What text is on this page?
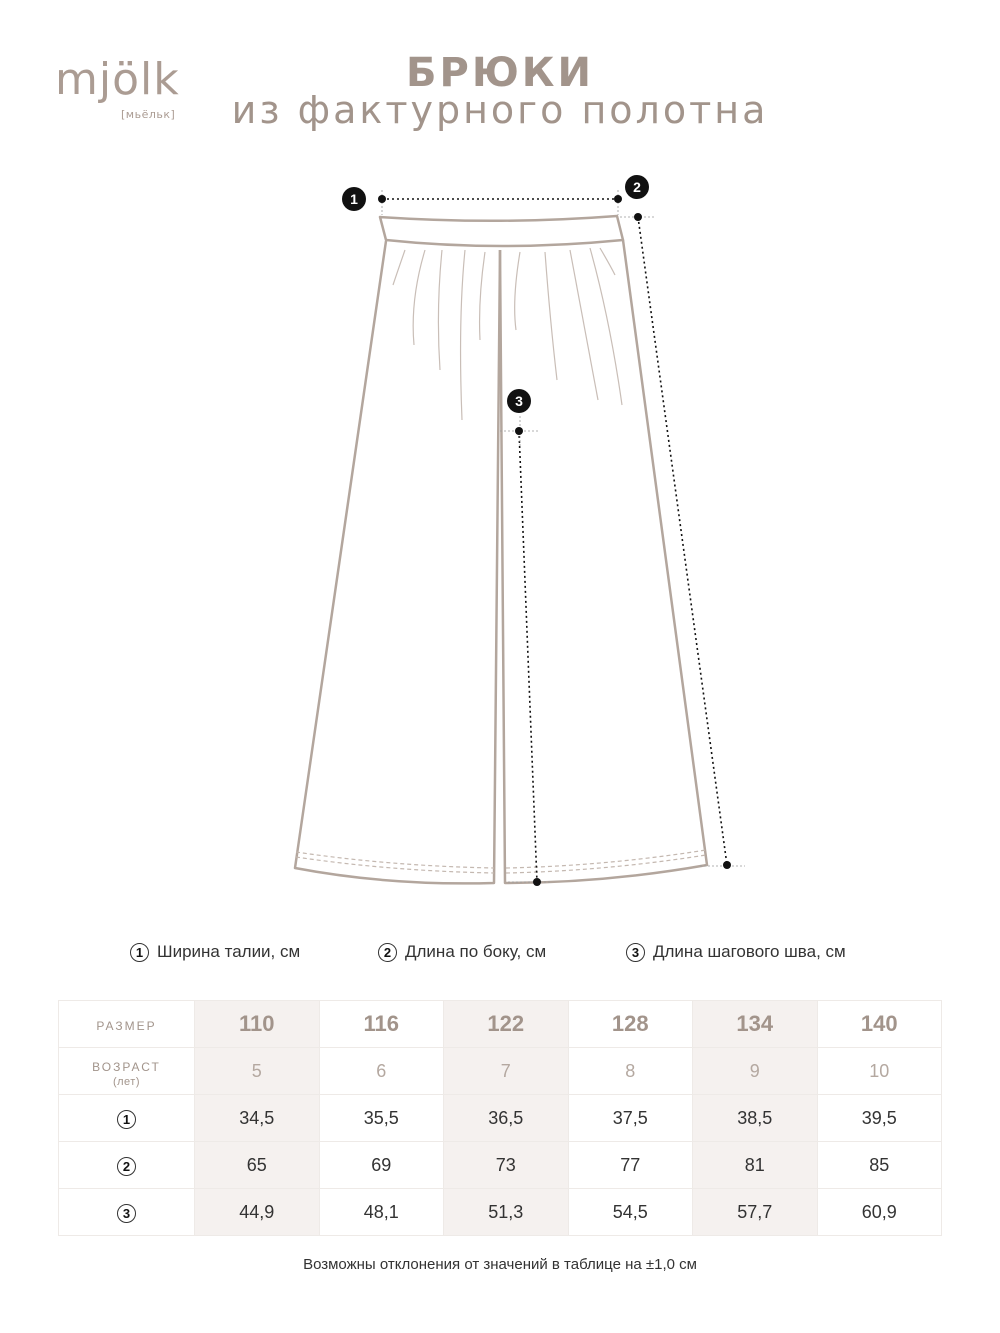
mjölk
[мьёльк]
БРЮКИ
из фактурного полотна
1
2
3
1 Ширина талии, см	2 Длина по боку, см	3 Длина шагового шва, см
РАЗМЕР	110	116	122	128	134	140
ВОЗРАСТ
(лет)	5	6	7	8	9	10
1	34,5	35,5	36,5	37,5	38,5	39,5
2	65	69	73	77	81	85
3	44,9	48,1	51,3	54,5	57,7	60,9
Возможны отклонения от значений в таблице на ±1,0 см
